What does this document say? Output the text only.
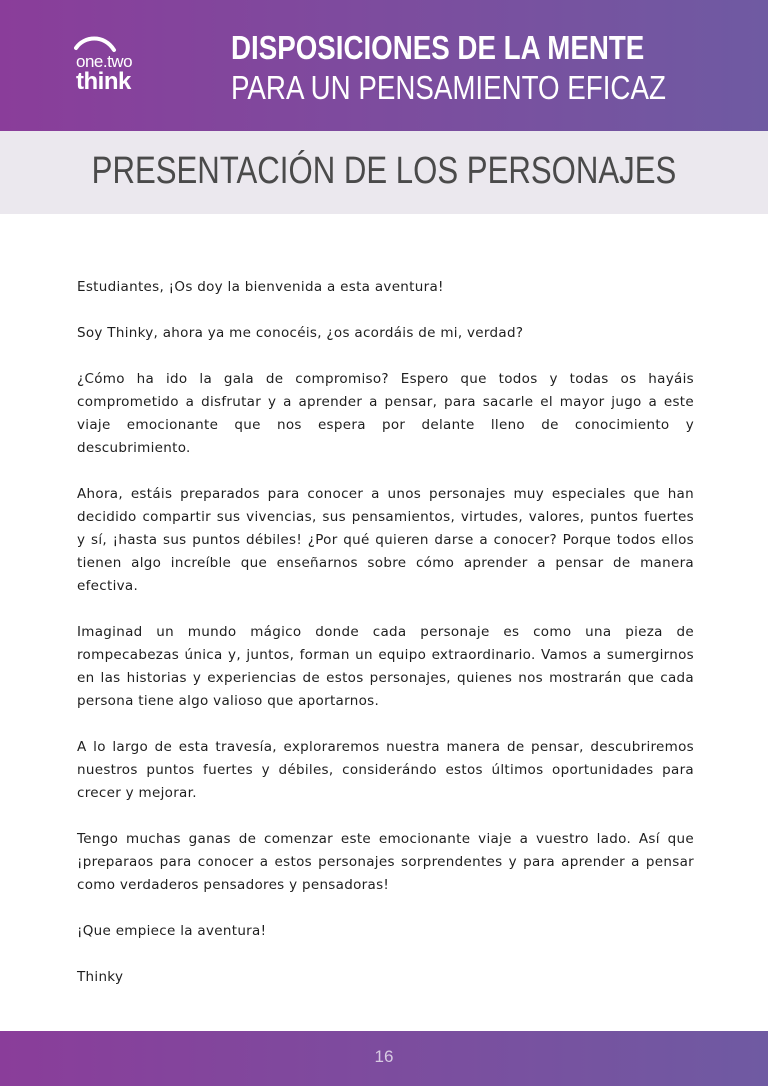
one.two
think
DISPOSICIONES DE LA MENTE
PARA UN PENSAMIENTO EFICAZ
PRESENTACIÓN DE LOS PERSONAJES

Estudiantes, ¡Os doy la bienvenida a esta aventura!

Soy Thinky, ahora ya me conocéis, ¿os acordáis de mi, verdad?

¿Cómo ha ido la gala de compromiso? Espero que todos y todas os hayáis comprometido a disfrutar y a aprender a pensar, para sacarle el mayor jugo a este viaje emocionante que nos espera por delante lleno de conocimiento y descubrimiento.

Ahora, estáis preparados para conocer a unos personajes muy especiales que han decidido compartir sus vivencias, sus pensamientos, virtudes, valores, puntos fuertes y sí, ¡hasta sus puntos débiles! ¿Por qué quieren darse a conocer? Porque todos ellos tienen algo increíble que enseñarnos sobre cómo aprender a pensar de manera efectiva.

Imaginad un mundo mágico donde cada personaje es como una pieza de rompecabezas única y, juntos, forman un equipo extraordinario. Vamos a sumergirnos en las historias y experiencias de estos personajes, quienes nos mostrarán que cada persona tiene algo valioso que aportarnos.

A lo largo de esta travesía, exploraremos nuestra manera de pensar, descubriremos nuestros puntos fuertes y débiles, considerándo estos últimos oportunidades para crecer y mejorar.

Tengo muchas ganas de comenzar este emocionante viaje a vuestro lado. Así que ¡preparaos para conocer a estos personajes sorprendentes y para aprender a pensar como verdaderos pensadores y pensadoras!

¡Que empiece la aventura!

Thinky

16
